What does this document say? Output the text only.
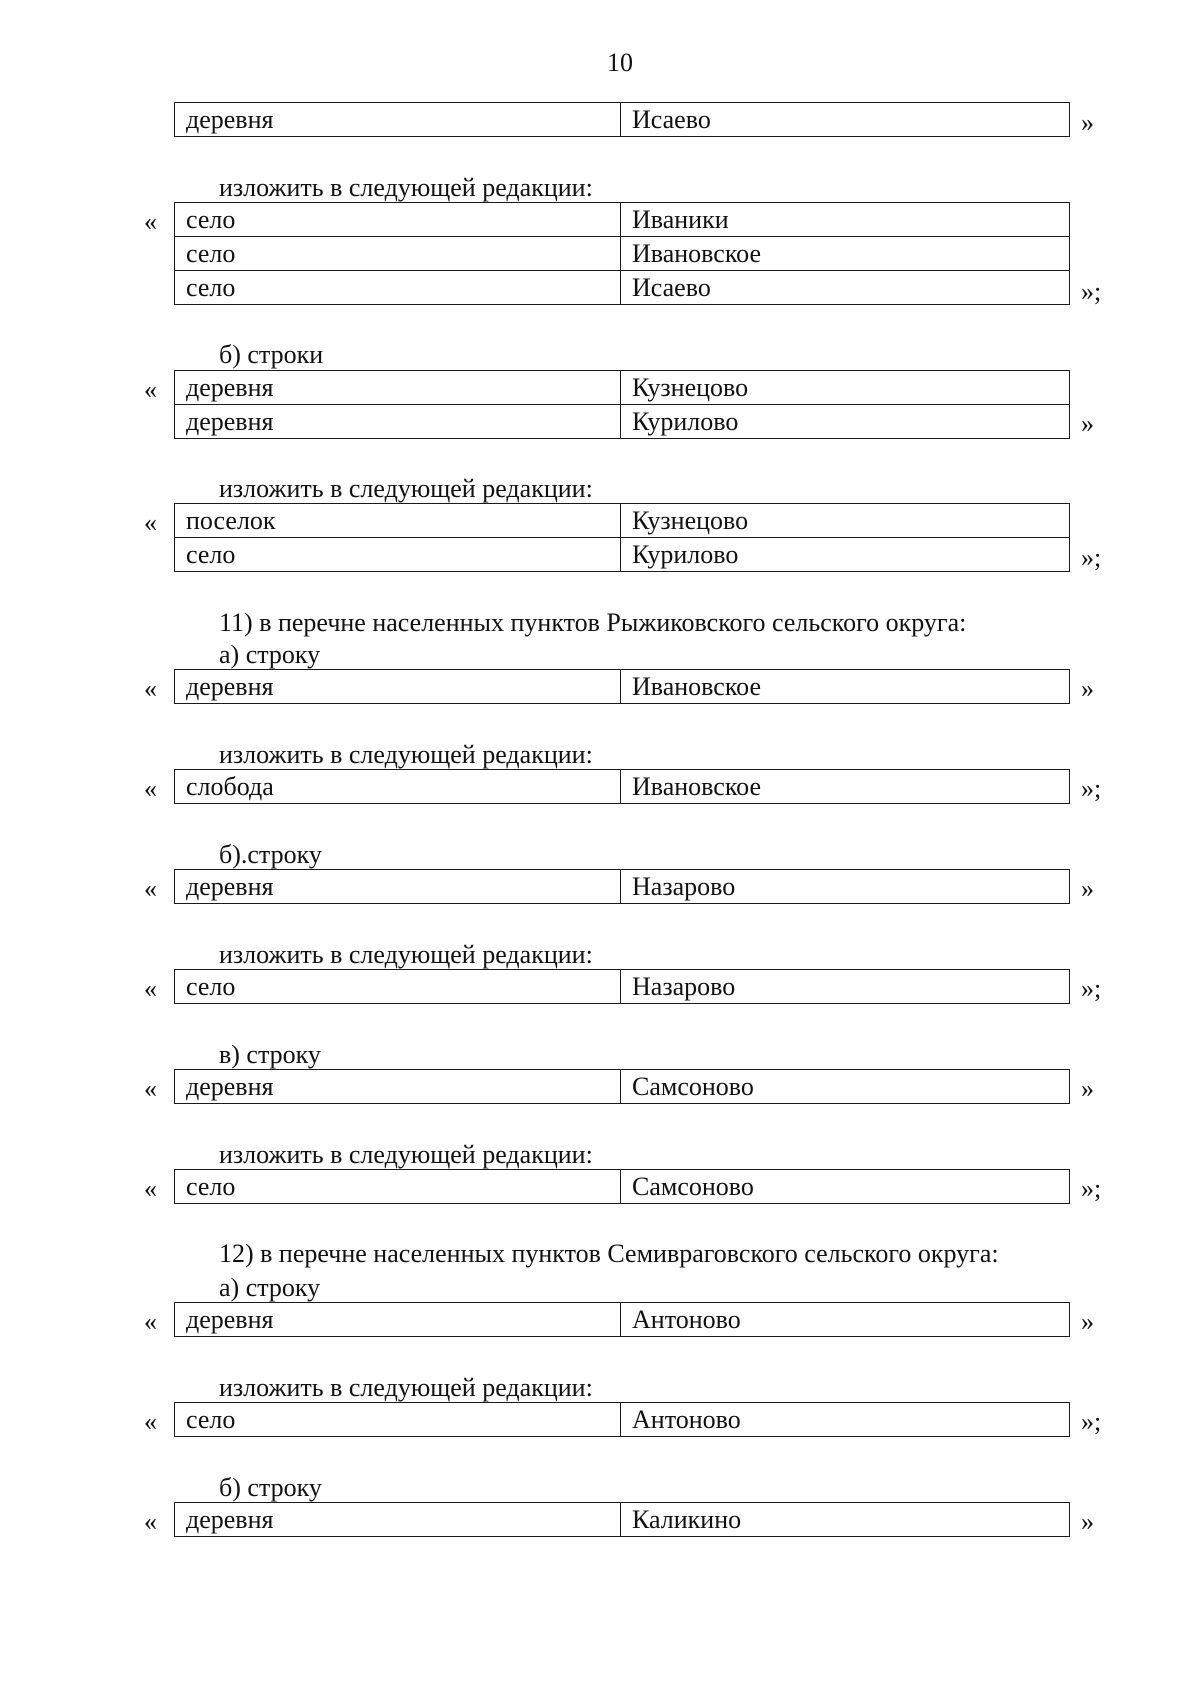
10
деревня	Исаево	»
изложить в следующей редакции:
«	село	Иваники
село	Ивановское
село	Исаево	»;
б) строки
«	деревня	Кузнецово
деревня	Курилово	»
изложить в следующей редакции:
«	поселок	Кузнецово
село	Курилово	»;
11) в перечне населенных пунктов Рыжиковского сельского округа:
а) строку
«	деревня	Ивановское	»
изложить в следующей редакции:
«	слобода	Ивановское	»;
б).строку
«	деревня	Назарово	»
изложить в следующей редакции:
«	село	Назарово	»;
в) строку
«	деревня	Самсоново	»
изложить в следующей редакции:
«	село	Самсоново	»;
12) в перечне населенных пунктов Семивраговского сельского округа:
а) строку
«	деревня	Антоново	»
изложить в следующей редакции:
«	село	Антоново	»;
б) строку
«	деревня	Каликино	»
